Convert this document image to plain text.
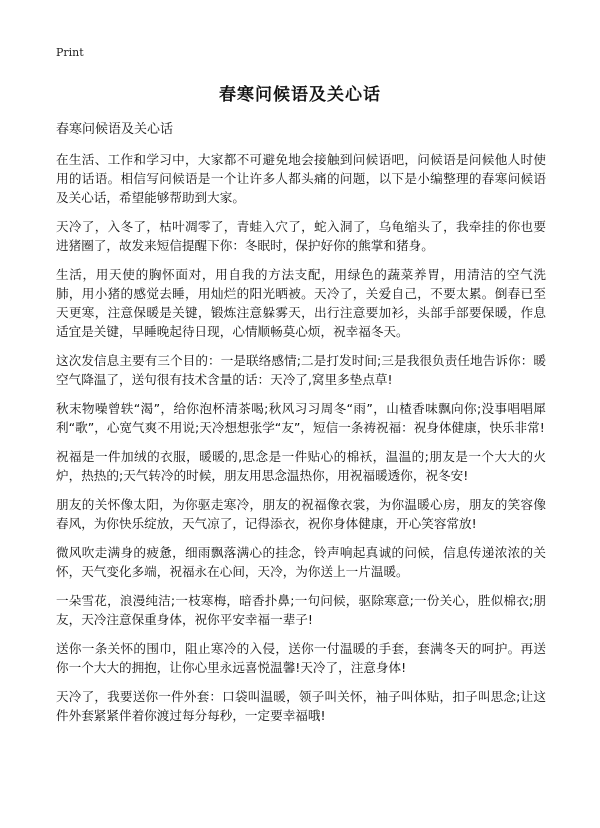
Print
春寒问候语及关心话

春寒问候语及关心话

在生活、工作和学习中，大家都不可避免地会接触到问候语吧，问候语是问候他人时使用的话语。相信写问候语是一个让许多人都头痛的问题，以下是小编整理的春寒问候语及关心话，希望能够帮助到大家。

天冷了，入冬了，枯叶凋零了，青蛙入穴了，蛇入洞了，乌龟缩头了，我牵挂的你也要进猪圈了，故发来短信提醒下你：冬眠时，保护好你的熊掌和猪身。

生活，用天使的胸怀面对，用自我的方法支配，用绿色的蔬菜养胃，用清洁的空气洗肺，用小猪的感觉去睡，用灿烂的阳光晒被。天冷了，关爱自己，不要太累。倒春已至天更寒，注意保暖是关键，锻炼注意躲雾天，出行注意要加衫，头部手部要保暖，作息适宜是关键，早睡晚起待日现，心情顺畅莫心烦，祝幸福冬天。

这次发信息主要有三个目的：一是联络感情;二是打发时间;三是我很负责任地告诉你：暖空气降温了，送句很有技术含量的话：天冷了,窝里多垫点草!

秋末物噪曾轶“渴”，给你泡杯清茶喝;秋风习习周冬“雨”，山楂香味飘向你;没事唱唱犀利“歌”，心宽气爽不用说;天冷想想张学“友”，短信一条祷祝福：祝身体健康，快乐非常!

祝福是一件加绒的衣服，暖暖的,思念是一件贴心的棉袄，温温的;朋友是一个大大的火炉，热热的;天气转冷的时候，朋友用思念温热你，用祝福暖透你，祝冬安!

朋友的关怀像太阳，为你驱走寒冷，朋友的祝福像衣裳，为你温暖心房，朋友的笑容像春风，为你快乐绽放，天气凉了，记得添衣，祝你身体健康，开心笑容常放!

微风吹走满身的疲惫，细雨飘落满心的挂念，铃声响起真诚的问候，信息传递浓浓的关怀，天气变化多端，祝福永在心间，天冷，为你送上一片温暖。

一朵雪花，浪漫纯洁;一枝寒梅，暗香扑鼻;一句问候，驱除寒意;一份关心，胜似棉衣;朋友，天冷注意保重身体，祝你平安幸福一辈子!

送你一条关怀的围巾，阻止寒冷的入侵，送你一付温暖的手套，套满冬天的呵护。再送你一个大大的拥抱，让你心里永远喜悦温馨!天冷了，注意身体!

天冷了，我要送你一件外套：口袋叫温暖，领子叫关怀，袖子叫体贴，扣子叫思念;让这件外套紧紧伴着你渡过每分每秒，一定要幸福哦!
